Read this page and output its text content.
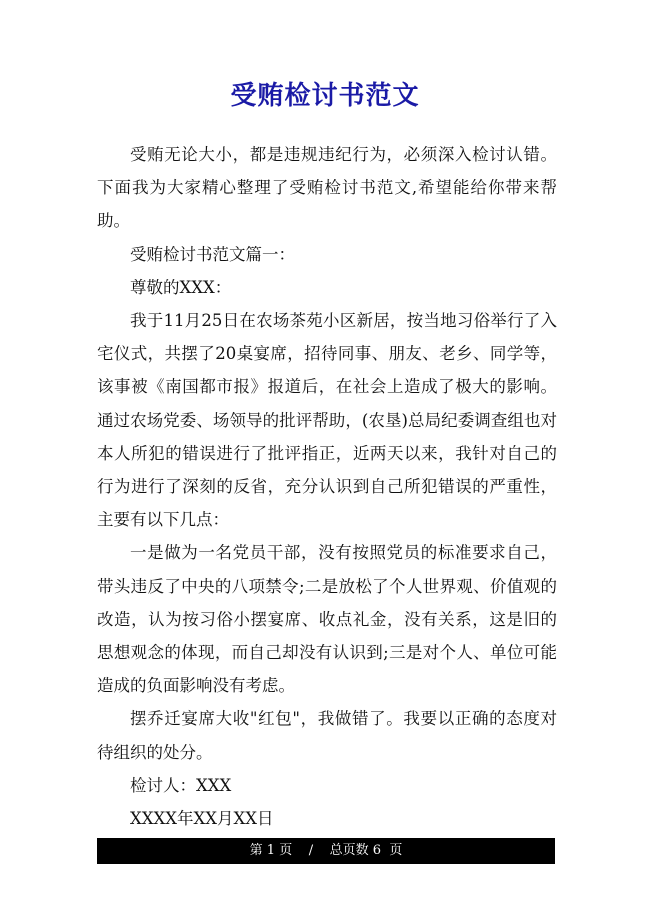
受贿检讨书范文

受贿无论大小，都是违规违纪行为，必须深入检讨认错。下面我为大家精心整理了受贿检讨书范文,希望能给你带来帮助。

受贿检讨书范文篇一：

尊敬的XXX：

我于11月25日在农场茶苑小区新居，按当地习俗举行了入宅仪式，共摆了20桌宴席，招待同事、朋友、老乡、同学等，该事被《南国都市报》报道后，在社会上造成了极大的影响。通过农场党委、场领导的批评帮助，(农垦)总局纪委调查组也对本人所犯的错误进行了批评指正，近两天以来，我针对自己的行为进行了深刻的反省，充分认识到自己所犯错误的严重性，主要有以下几点：

一是做为一名党员干部，没有按照党员的标准要求自己，带头违反了中央的八项禁令;二是放松了个人世界观、价值观的改造，认为按习俗小摆宴席、收点礼金，没有关系，这是旧的思想观念的体现，而自己却没有认识到;三是对个人、单位可能造成的负面影响没有考虑。

摆乔迁宴席大收"红包"，我做错了。我要以正确的态度对待组织的处分。

检讨人：XXX

XXXX年XX月XX日

第 1 页    /    总页数 6  页
